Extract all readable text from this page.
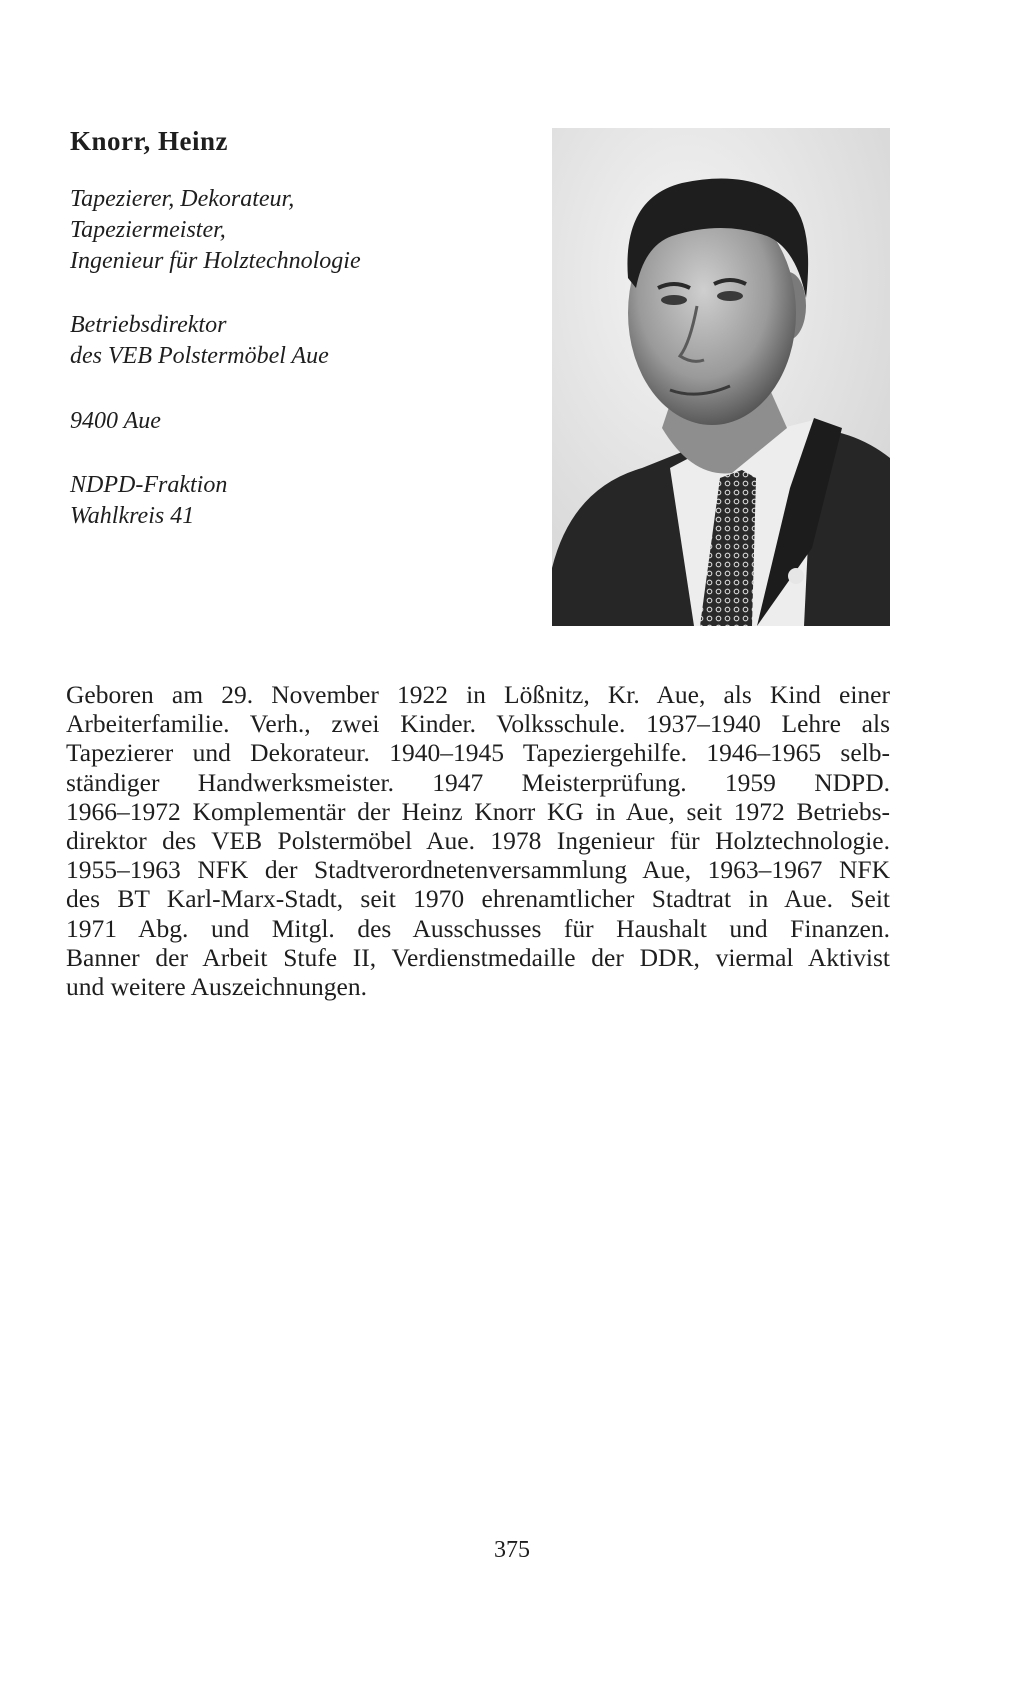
Knorr, Heinz
Tapezierer, Dekorateur,
Tapeziermeister,
Ingenieur für Holztechnologie
Betriebsdirektor
des VEB Polstermöbel Aue
9400 Aue
NDPD-Fraktion
Wahlkreis 41
Geboren am 29. November 1922 in Lößnitz, Kr. Aue, als Kind einer
Arbeiterfamilie. Verh., zwei Kinder. Volksschule. 1937–1940 Lehre als
Tapezierer und Dekorateur. 1940–1945 Tapeziergehilfe. 1946–1965 selb-
ständiger Handwerksmeister. 1947 Meisterprüfung. 1959 NDPD.
1966–1972 Komplementär der Heinz Knorr KG in Aue, seit 1972 Betriebs-
direktor des VEB Polstermöbel Aue. 1978 Ingenieur für Holztechnologie.
1955–1963 NFK der Stadtverordnetenversammlung Aue, 1963–1967 NFK
des BT Karl-Marx-Stadt, seit 1970 ehrenamtlicher Stadtrat in Aue. Seit
1971 Abg. und Mitgl. des Ausschusses für Haushalt und Finanzen.
Banner der Arbeit Stufe II, Verdienstmedaille der DDR, viermal Aktivist
und weitere Auszeichnungen.
375
